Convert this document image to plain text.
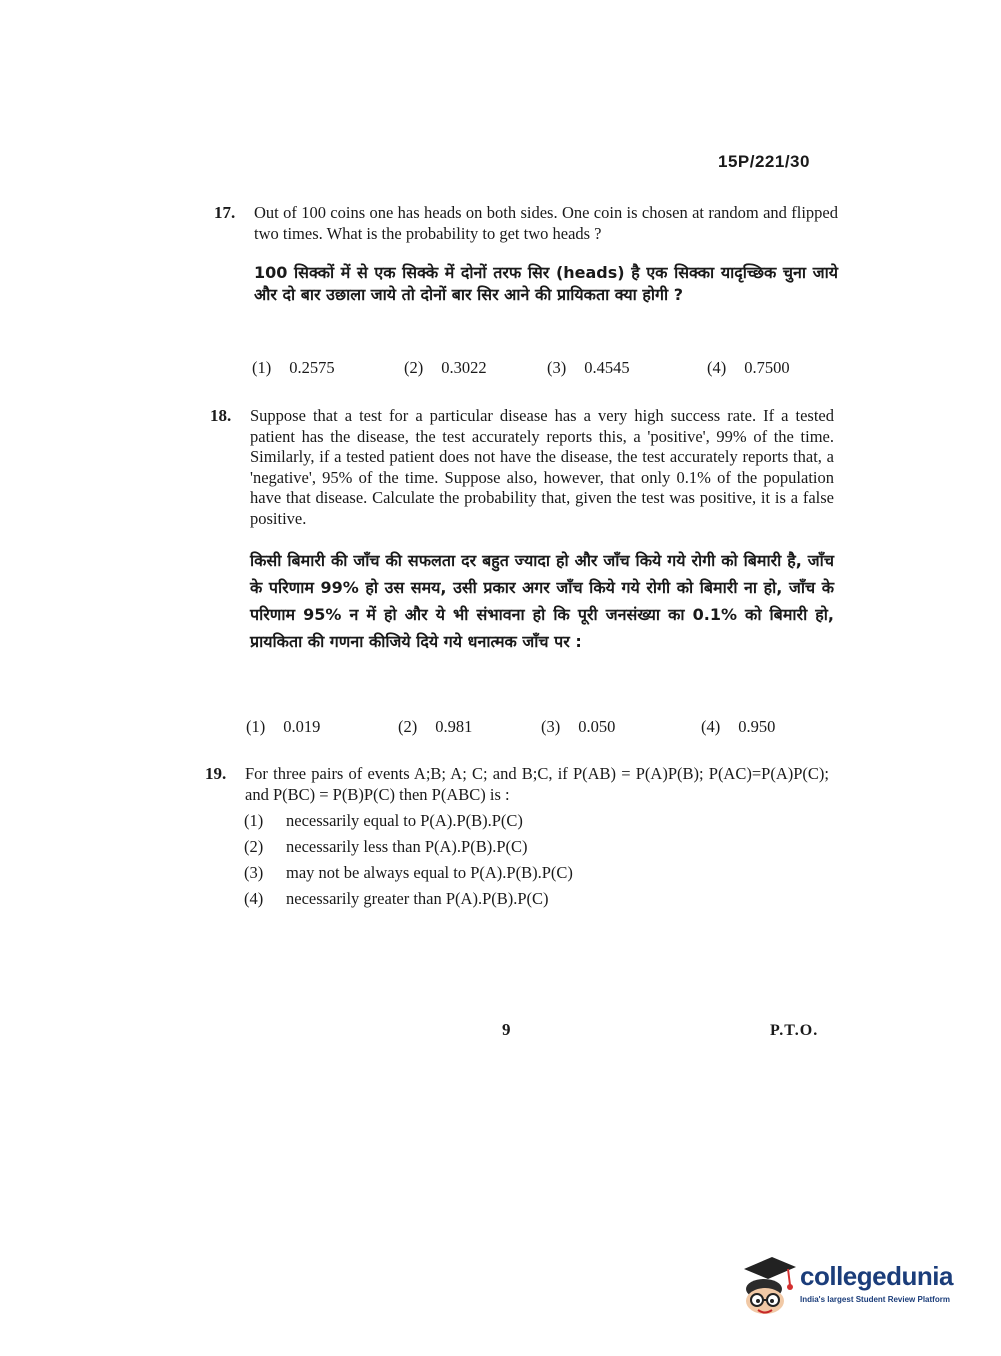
15P/221/30
17. Out of 100 coins one has heads on both sides. One coin is chosen at random and flipped two times. What is the probability to get two heads ?

100 सिक्कों में से एक सिक्के में दोनों तरफ सिर (heads) है एक सिक्का यादृच्छिक चुना जाये और दो बार उछाला जाये तो दोनों बार सिर आने की प्रायिकता क्या होगी ?

(1) 0.2575	(2) 0.3022	(3) 0.4545	(4) 0.7500
18. Suppose that a test for a particular disease has a very high success rate. If a tested patient has the disease, the test accurately reports this, a 'positive', 99% of the time. Similarly, if a tested patient does not have the disease, the test accurately reports that, a 'negative', 95% of the time. Suppose also, however, that only 0.1% of the population have that disease. Calculate the probability that, given the test was positive, it is a false positive.

किसी बिमारी की जाँच की सफलता दर बहुत ज्यादा हो और जाँच किये गये रोगी को बिमारी है, जाँच के परिणाम 99% हो उस समय, उसी प्रकार अगर जाँच किये गये रोगी को बिमारी ना हो, जाँच के परिणाम 95% न में हो और ये भी संभावना हो कि पूरी जनसंख्या का 0.1% को बिमारी हो, प्रायकिता की गणना कीजिये दिये गये धनात्मक जाँच पर :

(1) 0.019	(2) 0.981	(3) 0.050	(4) 0.950
19. For three pairs of events A;B; A; C; and B;C, if P(AB) = P(A)P(B); P(AC)=P(A)P(C); and P(BC) = P(B)P(C) then P(ABC) is :

(1)	necessarily equal to P(A).P(B).P(C)
(2)	necessarily less than P(A).P(B).P(C)
(3)	may not be always equal to P(A).P(B).P(C)
(4)	necessarily greater than P(A).P(B).P(C)
9	P.T.O.
collegedunia
India's largest Student Review Platform
